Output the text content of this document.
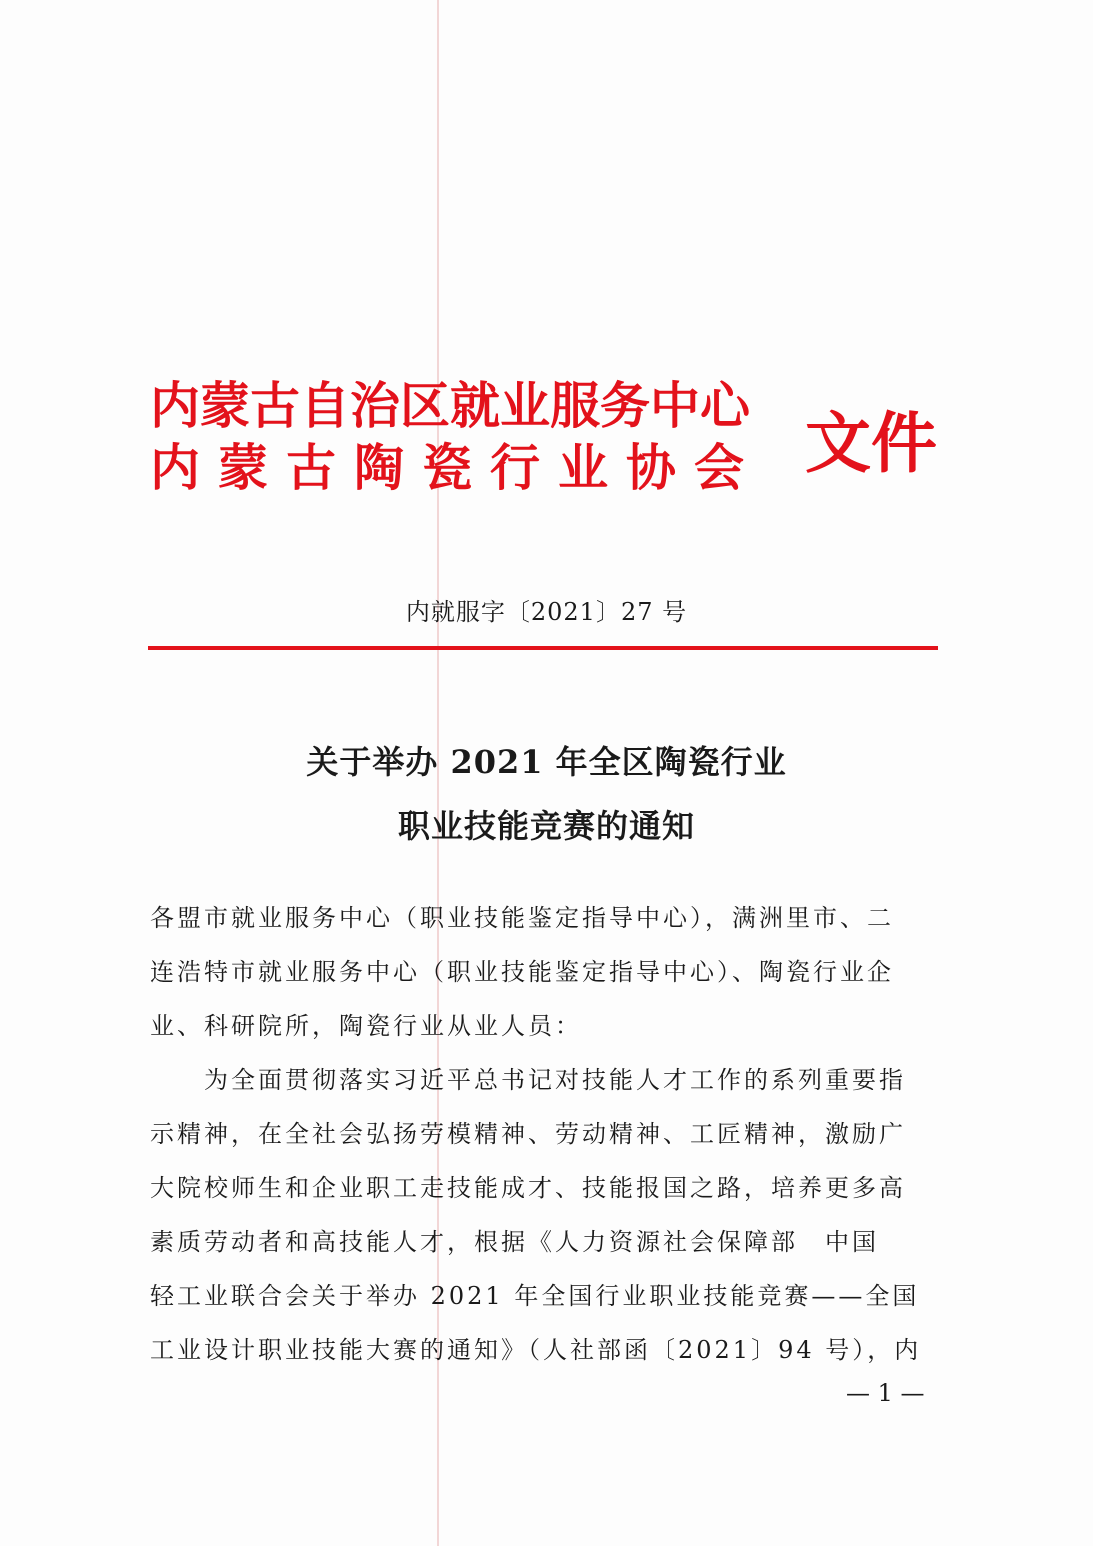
内蒙古自治区就业服务中心
内蒙古陶瓷行业协会 文件
内就服字〔2021〕27 号
关于举办 2021 年全区陶瓷行业
职业技能竞赛的通知
各盟市就业服务中心（职业技能鉴定指导中心），满洲里市、二
连浩特市就业服务中心（职业技能鉴定指导中心）、陶瓷行业企
业、科研院所，陶瓷行业从业人员：
　　为全面贯彻落实习近平总书记对技能人才工作的系列重要指
示精神，在全社会弘扬劳模精神、劳动精神、工匠精神，激励广
大院校师生和企业职工走技能成才、技能报国之路，培养更多高
素质劳动者和高技能人才，根据《人力资源社会保障部　中国
轻工业联合会关于举办 2021 年全国行业职业技能竞赛——全国
工业设计职业技能大赛的通知》（人社部函〔2021〕94 号），内
— 1 —
